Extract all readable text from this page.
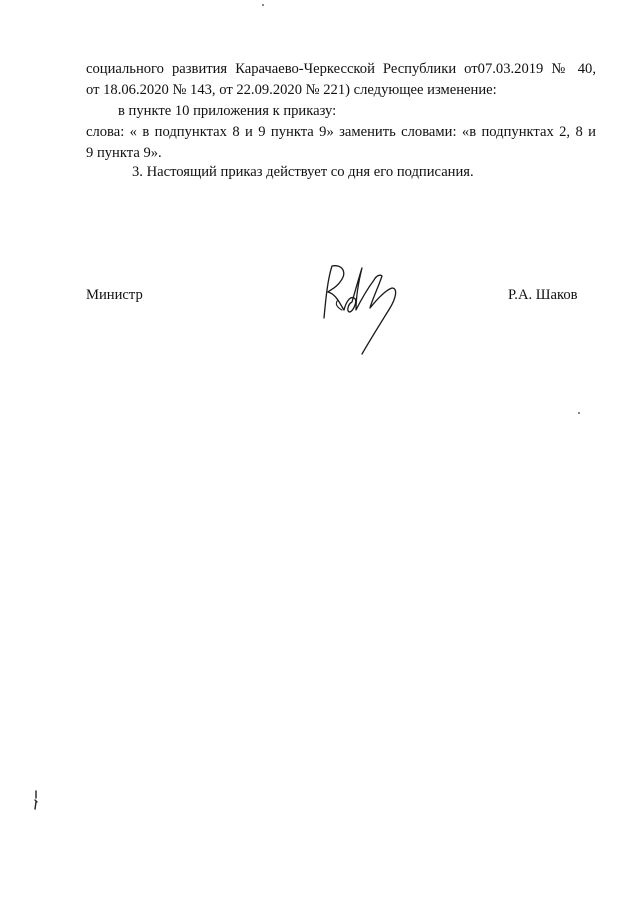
социального развития Карачаево-Черкесской Республики от07.03.2019 № 40,
от 18.06.2020 № 143, от 22.09.2020 № 221) следующее изменение:
в пункте 10 приложения к приказу:
слова: « в подпунктах 8 и 9 пункта 9» заменить словами: «в подпунктах 2, 8 и
9 пункта 9».
3. Настоящий приказ действует со дня его подписания.
Министр	Р.А. Шаков
